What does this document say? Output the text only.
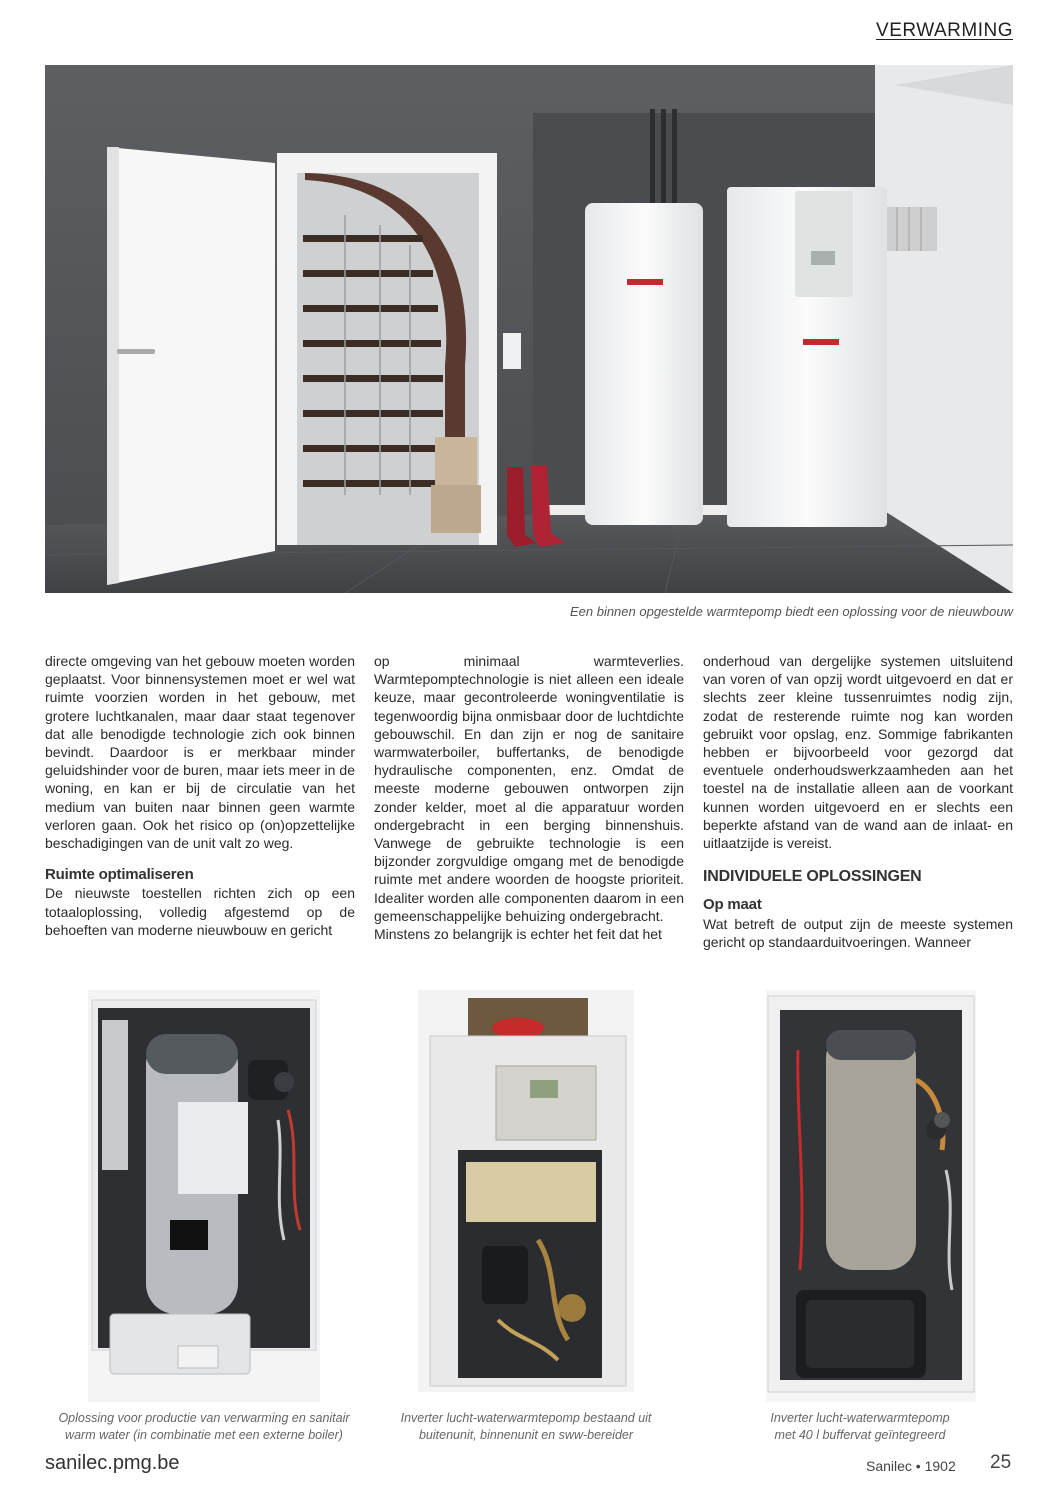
VERWARMING
Een binnen opgestelde warmtepomp biedt een oplossing voor de nieuwbouw

directe omgeving van het gebouw moeten worden geplaatst. Voor binnensystemen moet er wel wat ruimte voorzien worden in het gebouw, met grotere luchtkanalen, maar daar staat tegenover dat alle benodigde technologie zich ook binnen bevindt. Daardoor is er merkbaar minder geluidshinder voor de buren, maar iets meer in de woning, en kan er bij de circulatie van het medium van buiten naar binnen geen warmte verloren gaan. Ook het risico op (on)opzettelijke beschadigingen van de unit valt zo weg.

Ruimte optimaliseren

De nieuwste toestellen richten zich op een totaaloplossing, volledig afgestemd op de behoeften van moderne nieuwbouw en gericht

op minimaal warmteverlies. Warmtepomptechnologie is niet alleen een ideale keuze, maar gecontroleerde woningventilatie is tegenwoordig bijna onmisbaar door de luchtdichte gebouwschil. En dan zijn er nog de sanitaire warmwaterboiler, buffertanks, de benodigde hydraulische componenten, enz. Omdat de meeste moderne gebouwen ontworpen zijn zonder kelder, moet al die apparatuur worden ondergebracht in een berging binnenshuis. Vanwege de gebruikte technologie is een bijzonder zorgvuldige omgang met de benodigde ruimte met andere woorden de hoogste prioriteit. Idealiter worden alle componenten daarom in een gemeenschappelijke behuizing ondergebracht.

Minstens zo belangrijk is echter het feit dat het

onderhoud van dergelijke systemen uitsluitend van voren of van opzij wordt uitgevoerd en dat er slechts zeer kleine tussenruimtes nodig zijn, zodat de resterende ruimte nog kan worden gebruikt voor opslag, enz. Sommige fabrikanten hebben er bijvoorbeeld voor gezorgd dat eventuele onderhoudswerkzaamheden aan het toestel na de installatie alleen aan de voorkant kunnen worden uitgevoerd en er slechts een beperkte afstand van de wand aan de inlaat- en uitlaatzijde is vereist.

INDIVIDUELE OPLOSSINGEN
Op maat

Wat betreft de output zijn de meeste systemen gericht op standaarduitvoeringen. Wanneer

Oplossing voor productie van verwarming en sanitair
warm water (in combinatie met een externe boiler)
Inverter lucht-waterwarmtepomp bestaand uit
buitenunit, binnenunit en sww-bereider
Inverter lucht-waterwarmtepomp
met 40 l buffervat geïntegreerd
sanilec.pmg.be	Sanilec • 1902 25
